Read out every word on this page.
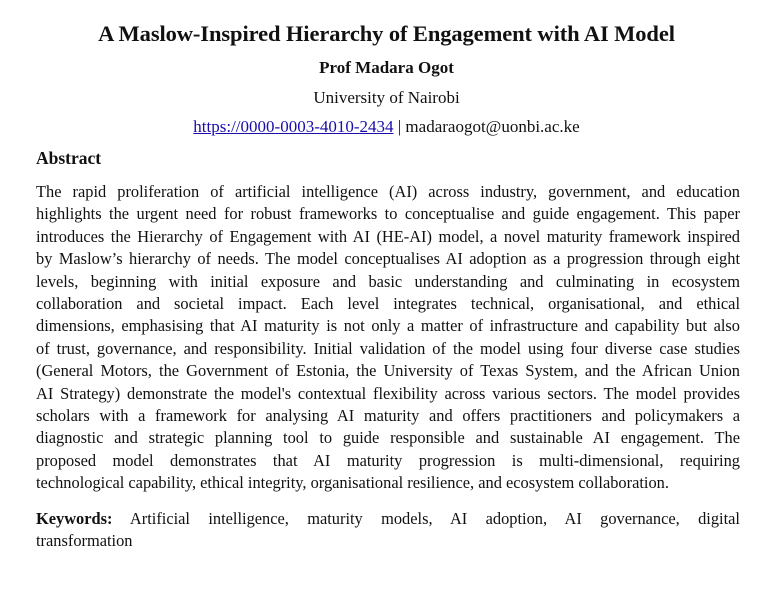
A Maslow-Inspired Hierarchy of Engagement with AI Model

Prof Madara Ogot

University of Nairobi

https://0000-0003-4010-2434 | madaraogot@uonbi.ac.ke

Abstract
The rapid proliferation of artificial intelligence (AI) across industry, government, and education
highlights the urgent need for robust frameworks to conceptualise and guide engagement. This paper
introduces the Hierarchy of Engagement with AI (HE-AI) model, a novel maturity framework inspired
by Maslow’s hierarchy of needs. The model conceptualises AI adoption as a progression through eight
levels, beginning with initial exposure and basic understanding and culminating in ecosystem
collaboration and societal impact. Each level integrates technical, organisational, and ethical
dimensions, emphasising that AI maturity is not only a matter of infrastructure and capability but also
of trust, governance, and responsibility. Initial validation of the model using four diverse case studies
(General Motors, the Government of Estonia, the University of Texas System, and the African Union
AI Strategy) demonstrate the model's contextual flexibility across various sectors. The model provides
scholars with a framework for analysing AI maturity and offers practitioners and policymakers a
diagnostic and strategic planning tool to guide responsible and sustainable AI engagement. The
proposed model demonstrates that AI maturity progression is multi-dimensional, requiring
technological capability, ethical integrity, organisational resilience, and ecosystem collaboration.
Keywords: Artificial intelligence, maturity models, AI adoption, AI governance, digital
transformation
